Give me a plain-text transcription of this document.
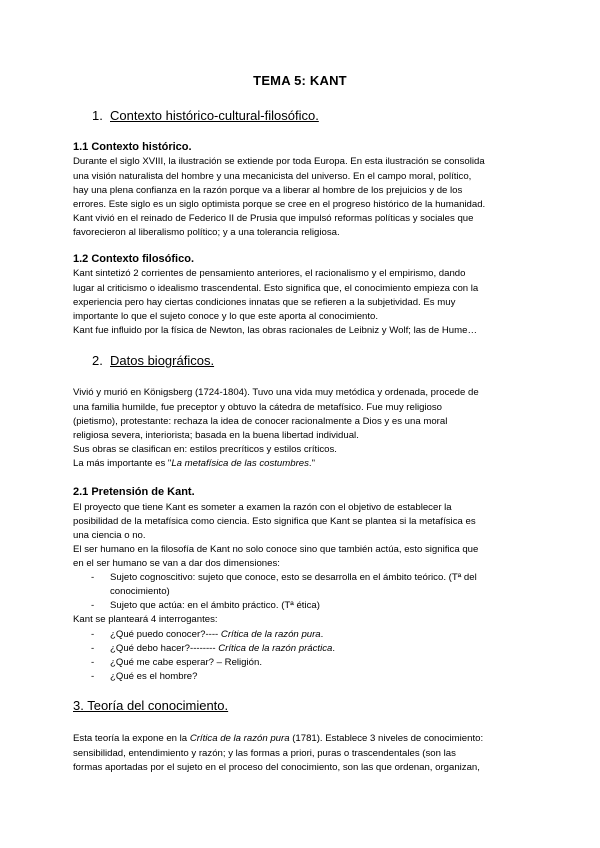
TEMA 5: KANT
1. Contexto histórico-cultural-filosófico.
1.1 Contexto histórico.
Durante el siglo XVIII, la ilustración se extiende por toda Europa. En esta ilustración se consolida
una visión naturalista del hombre y una mecanicista del universo. En el campo moral, político,
hay una plena confianza en la razón porque va a liberar al hombre de los prejuicios y de los
errores. Este siglo es un siglo optimista porque se cree en el progreso histórico de la humanidad.
Kant vivió en el reinado de Federico II de Prusia que impulsó reformas políticas y sociales que
favorecieron al liberalismo político; y a una tolerancia religiosa.
1.2 Contexto filosófico.
Kant sintetizó 2 corrientes de pensamiento anteriores, el racionalismo y el empirismo, dando
lugar al criticismo o idealismo trascendental. Esto significa que, el conocimiento empieza con la
experiencia pero hay ciertas condiciones innatas que se refieren a la subjetividad. Es muy
importante lo que el sujeto conoce y lo que este aporta al conocimiento.
Kant fue influido por la física de Newton, las obras racionales de Leibniz y Wolf; las de Hume…
2. Datos biográficos.
Vivió y murió en Königsberg (1724-1804). Tuvo una vida muy metódica y ordenada, procede de
una familia humilde, fue preceptor y obtuvo la cátedra de metafísico. Fue muy religioso
(pietismo), protestante: rechaza la idea de conocer racionalmente a Dios y es una moral
religiosa severa, interiorista; basada en la buena libertad individual.
Sus obras se clasifican en: estilos precríticos y estilos críticos.
La más importante es "La metafísica de las costumbres."
2.1 Pretensión de Kant.
El proyecto que tiene Kant es someter a examen la razón con el objetivo de establecer la
posibilidad de la metafísica como ciencia. Esto significa que Kant se plantea si la metafísica es
una ciencia o no.
El ser humano en la filosofía de Kant no solo conoce sino que también actúa, esto significa que
en el ser humano se van a dar dos dimensiones:
- Sujeto cognoscitivo: sujeto que conoce, esto se desarrolla en el ámbito teórico. (Tª del
conocimiento)
- Sujeto que actúa: en el ámbito práctico. (Tª ética)
Kant se planteará 4 interrogantes:
- ¿Qué puedo conocer?---- Crítica de la razón pura.
- ¿Qué debo hacer?-------- Crítica de la razón práctica.
- ¿Qué me cabe esperar? – Religión.
- ¿Qué es el hombre?
3. Teoría del conocimiento.
Esta teoría la expone en la Crítica de la razón pura (1781). Establece 3 niveles de conocimiento:
sensibilidad, entendimiento y razón; y las formas a priori, puras o trascendentales (son las
formas aportadas por el sujeto en el proceso del conocimiento, son las que ordenan, organizan,
